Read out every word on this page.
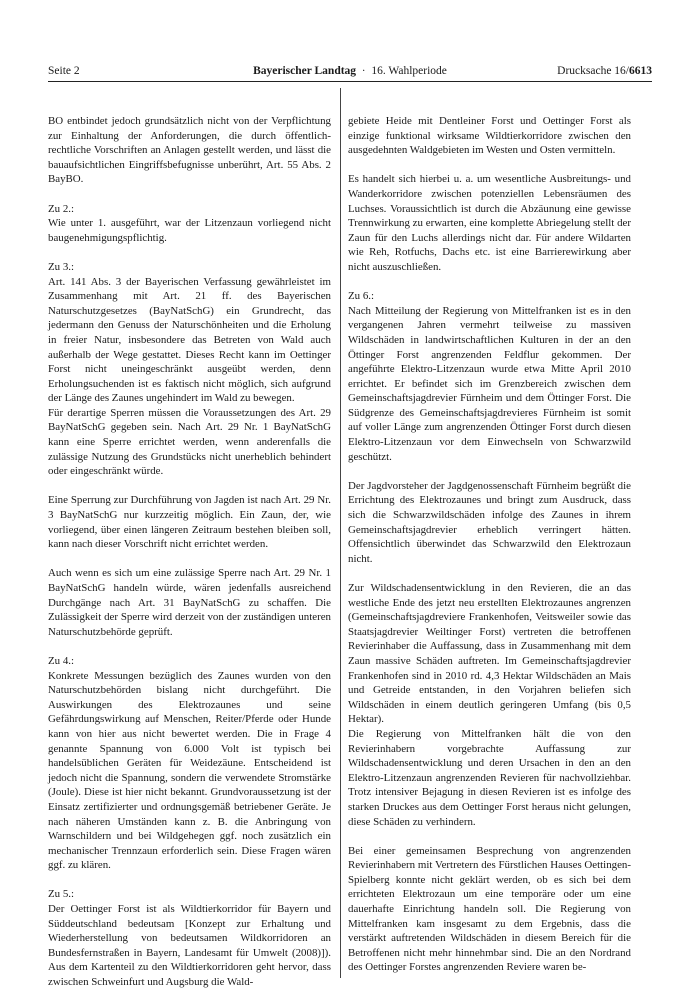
Seite 2	Bayerischer Landtag · 16. Wahlperiode	Drucksache 16/6613

BO entbindet jedoch grundsätzlich nicht von der Verpflichtung zur Einhaltung der Anforderungen, die durch öffentlich-rechtliche Vorschriften an Anlagen gestellt werden, und lässt die bauaufsichtlichen Eingriffsbefugnisse unberührt, Art. 55 Abs. 2 BayBO.

Zu 2.:

Wie unter 1. ausgeführt, war der Litzenzaun vorliegend nicht baugenehmigungspflichtig.

Zu 3.:

Art. 141 Abs. 3 der Bayerischen Verfassung gewährleistet im Zusammenhang mit Art. 21 ff. des Bayerischen Naturschutzgesetzes (BayNatSchG) ein Grundrecht, das jedermann den Genuss der Naturschönheiten und die Erholung in freier Natur, insbesondere das Betreten von Wald auch außerhalb der Wege gestattet. Dieses Recht kann im Oettinger Forst nicht uneingeschränkt ausgeübt werden, denn Erholungsuchenden ist es faktisch nicht möglich, sich aufgrund der Länge des Zaunes ungehindert im Wald zu bewegen.

Für derartige Sperren müssen die Voraussetzungen des Art. 29 BayNatSchG gegeben sein. Nach Art. 29 Nr. 1 BayNatSchG kann eine Sperre errichtet werden, wenn anderenfalls die zulässige Nutzung des Grundstücks nicht unerheblich behindert oder eingeschränkt würde.

Eine Sperrung zur Durchführung von Jagden ist nach Art. 29 Nr. 3 BayNatSchG nur kurzzeitig möglich. Ein Zaun, der, wie vorliegend, über einen längeren Zeitraum bestehen bleiben soll, kann nach dieser Vorschrift nicht errichtet werden.

Auch wenn es sich um eine zulässige Sperre nach Art. 29 Nr. 1 BayNatSchG handeln würde, wären jedenfalls ausreichend Durchgänge nach Art. 31 BayNatSchG zu schaffen. Die Zulässigkeit der Sperre wird derzeit von der zuständigen unteren Naturschutzbehörde geprüft.

Zu 4.:

Konkrete Messungen bezüglich des Zaunes wurden von den Naturschutzbehörden bislang nicht durchgeführt. Die Auswirkungen des Elektrozaunes und seine Gefährdungswirkung auf Menschen, Reiter/Pferde oder Hunde kann von hier aus nicht bewertet werden. Die in Frage 4 genannte Spannung von 6.000 Volt ist typisch bei handelsüblichen Geräten für Weidezäune. Entscheidend ist jedoch nicht die Spannung, sondern die verwendete Stromstärke (Joule). Diese ist hier nicht bekannt. Grundvoraussetzung ist der Einsatz zertifizierter und ordnungsgemäß betriebener Geräte. Je nach näheren Umständen kann z. B. die Anbringung von Warnschildern und bei Wildgehegen ggf. noch zusätzlich ein mechanischer Trennzaun erforderlich sein. Diese Fragen wären ggf. zu klären.

Zu 5.:

Der Oettinger Forst ist als Wildtierkorridor für Bayern und Süddeutschland bedeutsam [Konzept zur Erhaltung und Wiederherstellung von bedeutsamen Wildkorridoren an Bundesfernstraßen in Bayern, Landesamt für Umwelt (2008)]). Aus dem Kartenteil zu den Wildtierkorridoren geht hervor, dass zwischen Schweinfurt und Augsburg die Wald-

gebiete Heide mit Dentleiner Forst und Oettinger Forst als einzige funktional wirksame Wildtierkorridore zwischen den ausgedehnten Waldgebieten im Westen und Osten vermitteln.

Es handelt sich hierbei u. a. um wesentliche Ausbreitungs- und Wanderkorridore zwischen potenziellen Lebensräumen des Luchses. Voraussichtlich ist durch die Abzäunung eine gewisse Trennwirkung zu erwarten, eine komplette Abriegelung stellt der Zaun für den Luchs allerdings nicht dar. Für andere Wildarten wie Reh, Rotfuchs, Dachs etc. ist eine Barrierewirkung aber nicht auszuschließen.

Zu 6.:

Nach Mitteilung der Regierung von Mittelfranken ist es in den vergangenen Jahren vermehrt teilweise zu massiven Wildschäden in landwirtschaftlichen Kulturen in der an den Öttinger Forst angrenzenden Feldflur gekommen. Der angeführte Elektro-Litzenzaun wurde etwa Mitte April 2010 errichtet. Er befindet sich im Grenzbereich zwischen dem Gemeinschaftsjagdrevier Fürnheim und dem Öttinger Forst. Die Südgrenze des Gemeinschaftsjagdrevieres Fürnheim ist somit auf voller Länge zum angrenzenden Öttinger Forst durch diesen Elektro-Litzenzaun vor dem Einwechseln von Schwarzwild geschützt.

Der Jagdvorsteher der Jagdgenossenschaft Fürnheim begrüßt die Errichtung des Elektrozaunes und bringt zum Ausdruck, dass sich die Schwarzwildschäden infolge des Zaunes in ihrem Gemeinschaftsjagdrevier erheblich verringert hätten. Offensichtlich überwindet das Schwarzwild den Elektrozaun nicht.

Zur Wildschadensentwicklung in den Revieren, die an das westliche Ende des jetzt neu erstellten Elektrozaunes angrenzen (Gemeinschaftsjagdreviere Frankenhofen, Veitsweiler sowie das Staatsjagdrevier Weiltinger Forst) vertreten die betroffenen Revierinhaber die Auffassung, dass in Zusammenhang mit dem Zaun massive Schäden auftreten. Im Gemeinschaftsjagdrevier Frankenhofen sind in 2010 rd. 4,3 Hektar Wildschäden an Mais und Getreide entstanden, in den Vorjahren beliefen sich Wildschäden in einem deutlich geringeren Umfang (bis 0,5 Hektar).

Die Regierung von Mittelfranken hält die von den Revierinhabern vorgebrachte Auffassung zur Wildschadensentwicklung und deren Ursachen in den an den Elektro-Litzenzaun angrenzenden Revieren für nachvollziehbar. Trotz intensiver Bejagung in diesen Revieren ist es infolge des starken Druckes aus dem Oettinger Forst heraus nicht gelungen, diese Schäden zu verhindern.

Bei einer gemeinsamen Besprechung von angrenzenden Revierinhabern mit Vertretern des Fürstlichen Hauses Oettingen-Spielberg konnte nicht geklärt werden, ob es sich bei dem errichteten Elektrozaun um eine temporäre oder um eine dauerhafte Einrichtung handeln soll. Die Regierung von Mittelfranken kam insgesamt zu dem Ergebnis, dass die verstärkt auftretenden Wildschäden in diesem Bereich für die Betroffenen nicht mehr hinnehmbar sind. Die an den Nordrand des Oettinger Forstes angrenzenden Reviere waren be-
